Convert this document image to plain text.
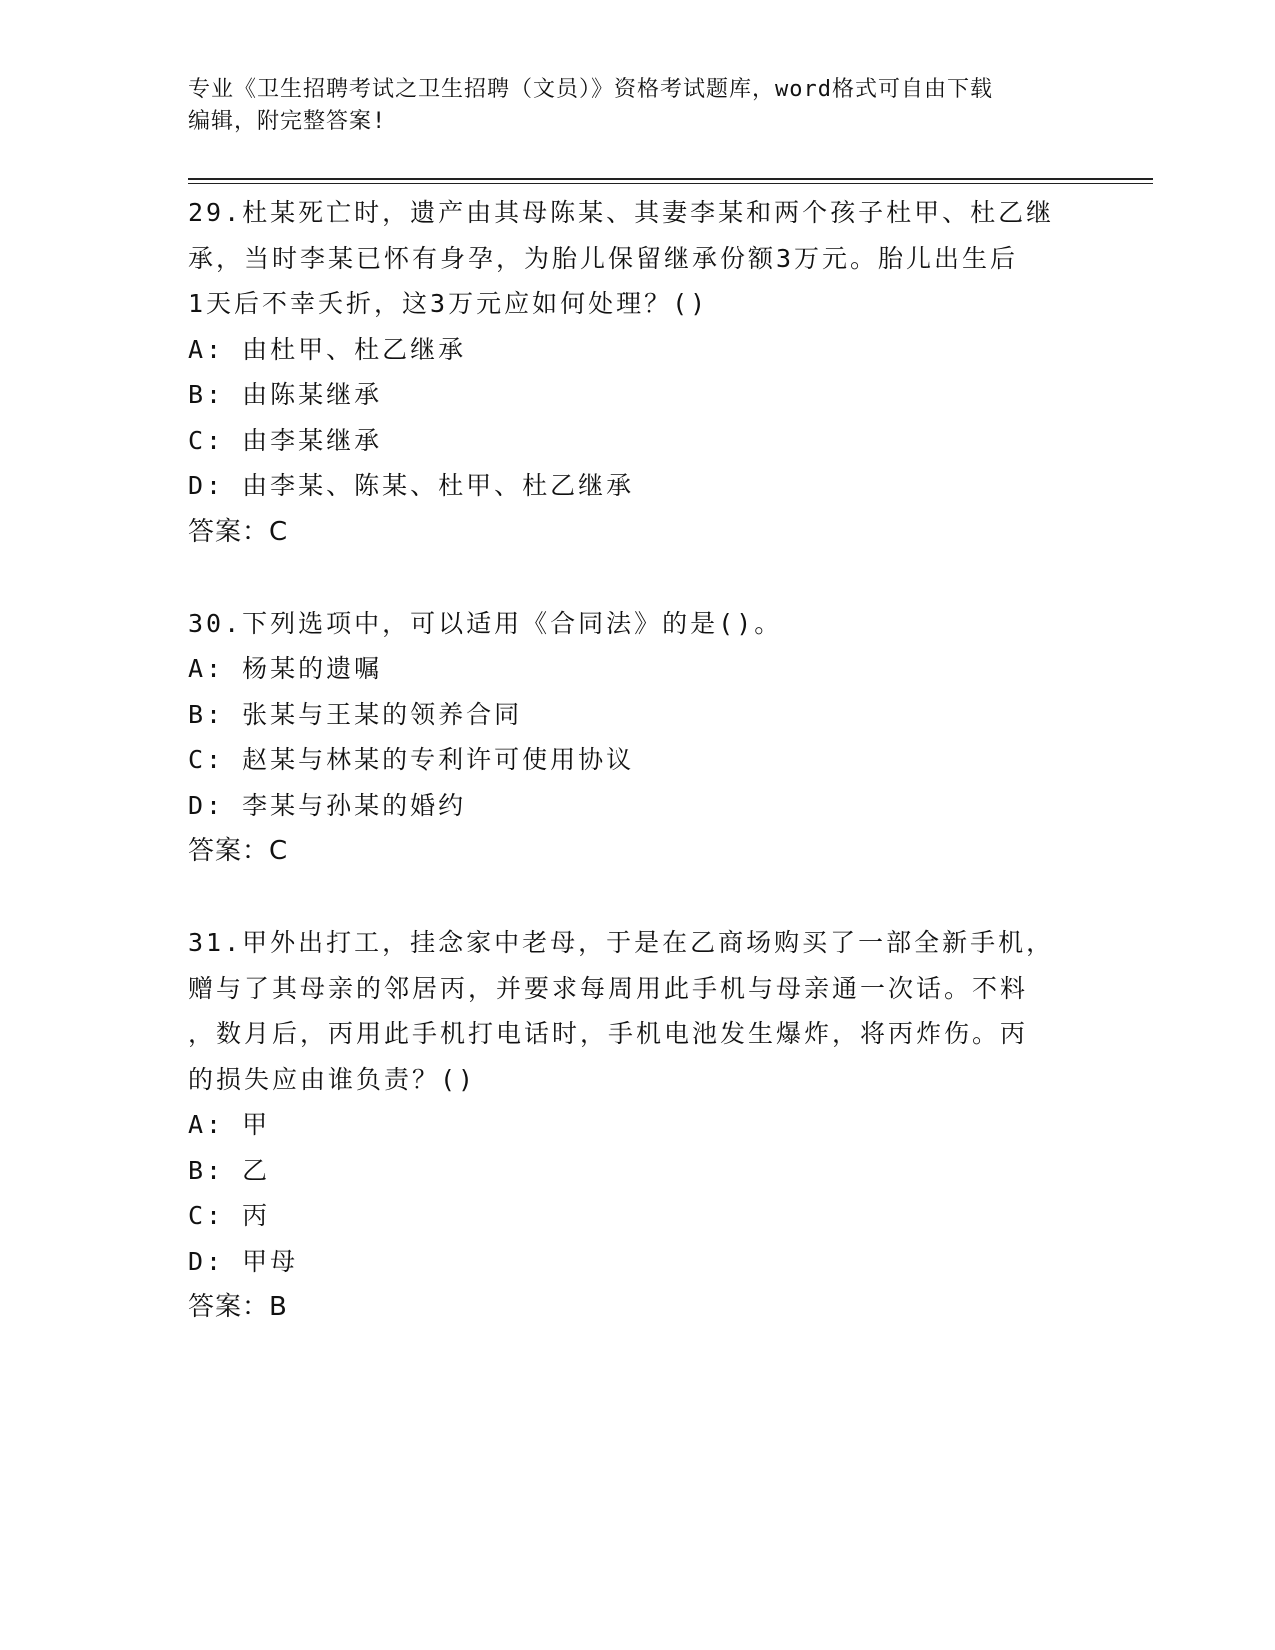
专业《卫生招聘考试之卫生招聘（文员）》资格考试题库，word格式可自由下载
编辑，附完整答案!
29.杜某死亡时，遗产由其母陈某、其妻李某和两个孩子杜甲、杜乙继
承，当时李某已怀有身孕，为胎儿保留继承份额3万元。胎儿出生后
1天后不幸夭折，这3万元应如何处理？()
A: 由杜甲、杜乙继承
B: 由陈某继承
C: 由李某继承
D: 由李某、陈某、杜甲、杜乙继承
答案：C
30.下列选项中，可以适用《合同法》的是()。
A: 杨某的遗嘱
B: 张某与王某的领养合同
C: 赵某与林某的专利许可使用协议
D: 李某与孙某的婚约
答案：C
31.甲外出打工，挂念家中老母，于是在乙商场购买了一部全新手机，
赠与了其母亲的邻居丙，并要求每周用此手机与母亲通一次话。不料
，数月后，丙用此手机打电话时，手机电池发生爆炸，将丙炸伤。丙
的损失应由谁负责？()
A: 甲
B: 乙
C: 丙
D: 甲母
答案：B
